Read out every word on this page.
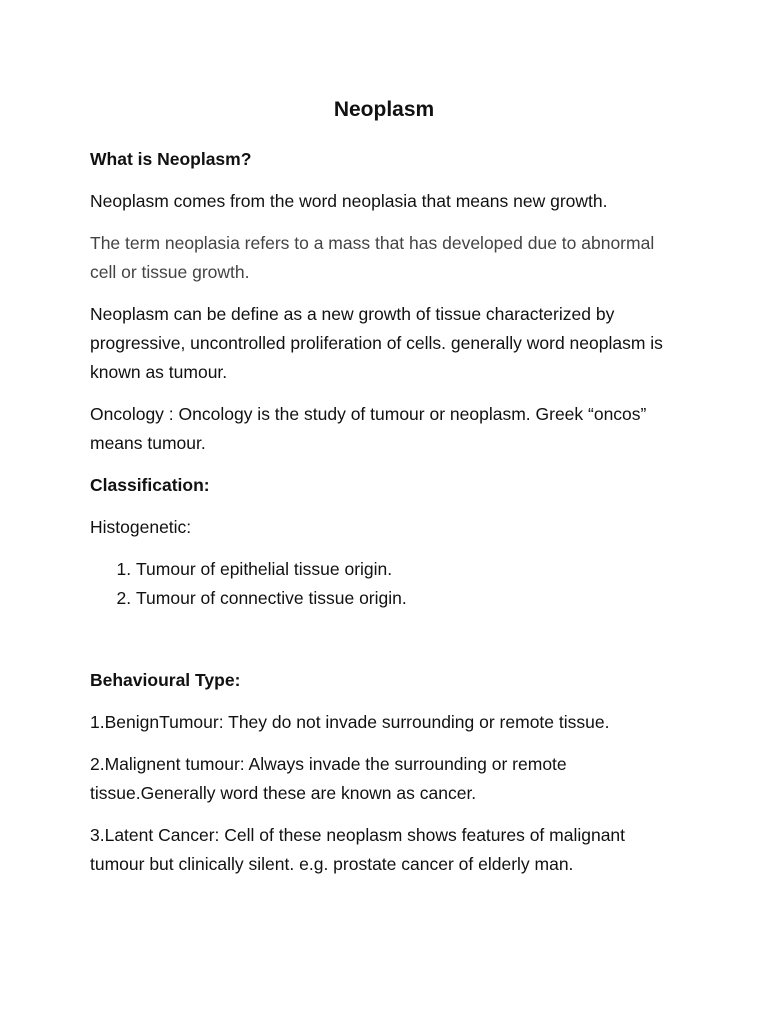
Neoplasm

What is Neoplasm?

Neoplasm comes from the word neoplasia that means new growth.

The term neoplasia refers to a mass that has developed due to abnormal cell or tissue growth.

Neoplasm can be define as a new growth of tissue characterized by progressive, uncontrolled proliferation of cells. generally word neoplasm is known as tumour.

Oncology : Oncology is the study of tumour or neoplasm. Greek “oncos” means tumour.

Classification:

Histogenetic:

1. Tumour of epithelial tissue origin.
2. Tumour of connective tissue origin.

Behavioural Type:

1.BenignTumour: They do not invade surrounding or remote tissue.

2.Malignent tumour: Always invade the surrounding or remote tissue.Generally word these are known as cancer.

3.Latent Cancer: Cell of these neoplasm shows features of malignant tumour but clinically silent. e.g. prostate cancer of elderly man.
